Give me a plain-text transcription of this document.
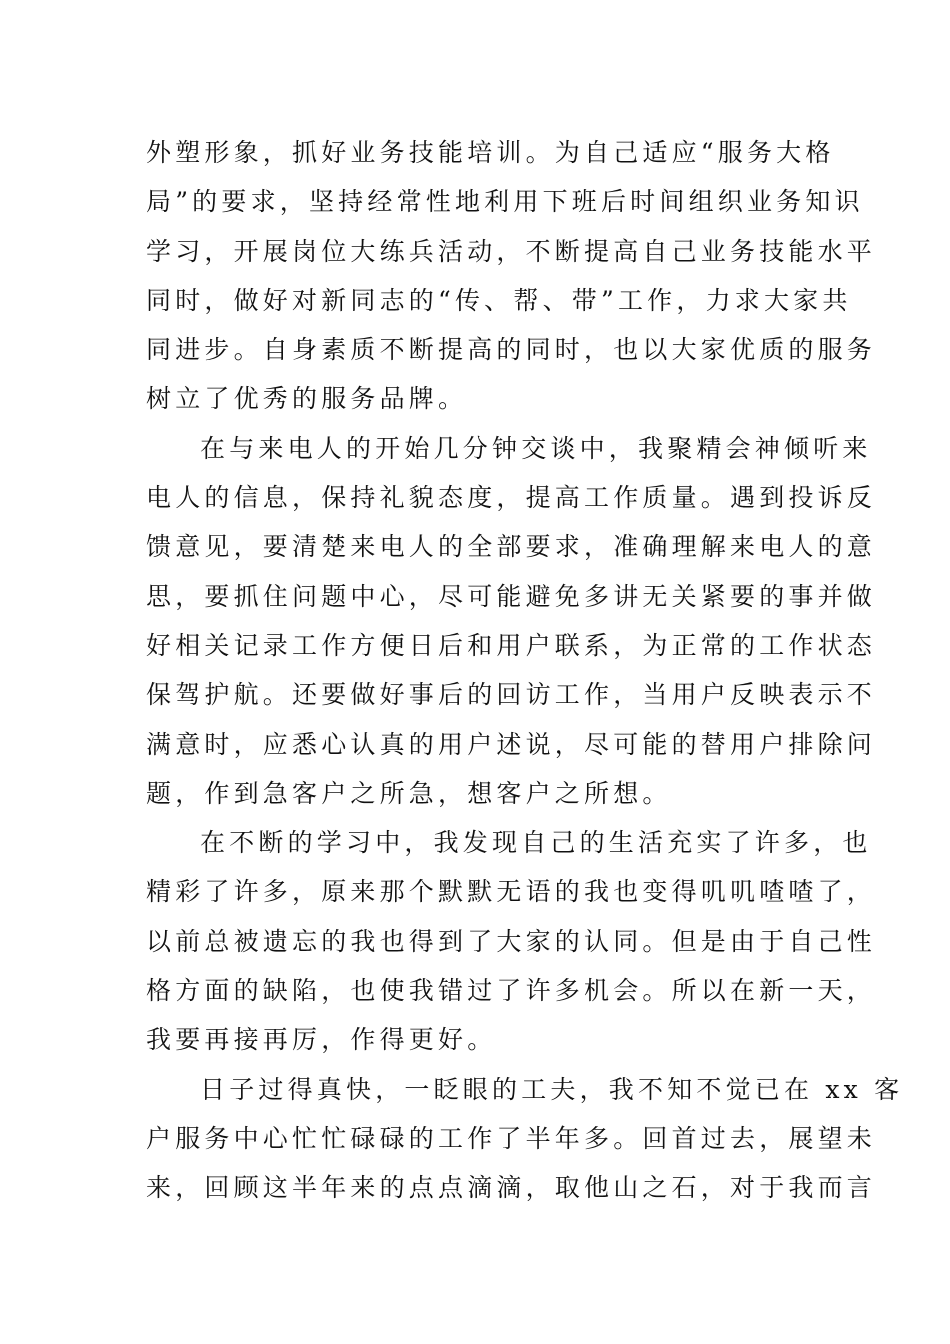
外塑形象，抓好业务技能培训。为自己适应“服务大格
局”的要求，坚持经常性地利用下班后时间组织业务知识
学习，开展岗位大练兵活动，不断提高自己业务技能水平
同时，做好对新同志的“传、帮、带”工作，力求大家共
同进步。自身素质不断提高的同时，也以大家优质的服务
树立了优秀的服务品牌。

在与来电人的开始几分钟交谈中，我聚精会神倾听来
电人的信息，保持礼貌态度，提高工作质量。遇到投诉反
馈意见，要清楚来电人的全部要求，准确理解来电人的意
思，要抓住问题中心，尽可能避免多讲无关紧要的事并做
好相关记录工作方便日后和用户联系，为正常的工作状态
保驾护航。还要做好事后的回访工作，当用户反映表示不
满意时，应悉心认真的用户述说，尽可能的替用户排除问
题，作到急客户之所急，想客户之所想。

在不断的学习中，我发现自己的生活充实了许多，也
精彩了许多，原来那个默默无语的我也变得叽叽喳喳了，
以前总被遗忘的我也得到了大家的认同。但是由于自己性
格方面的缺陷，也使我错过了许多机会。所以在新一天，
我要再接再厉，作得更好。

日子过得真快，一眨眼的工夫，我不知不觉已在 xx 客
户服务中心忙忙碌碌的工作了半年多。回首过去，展望未
来，回顾这半年来的点点滴滴，取他山之石，对于我而言
